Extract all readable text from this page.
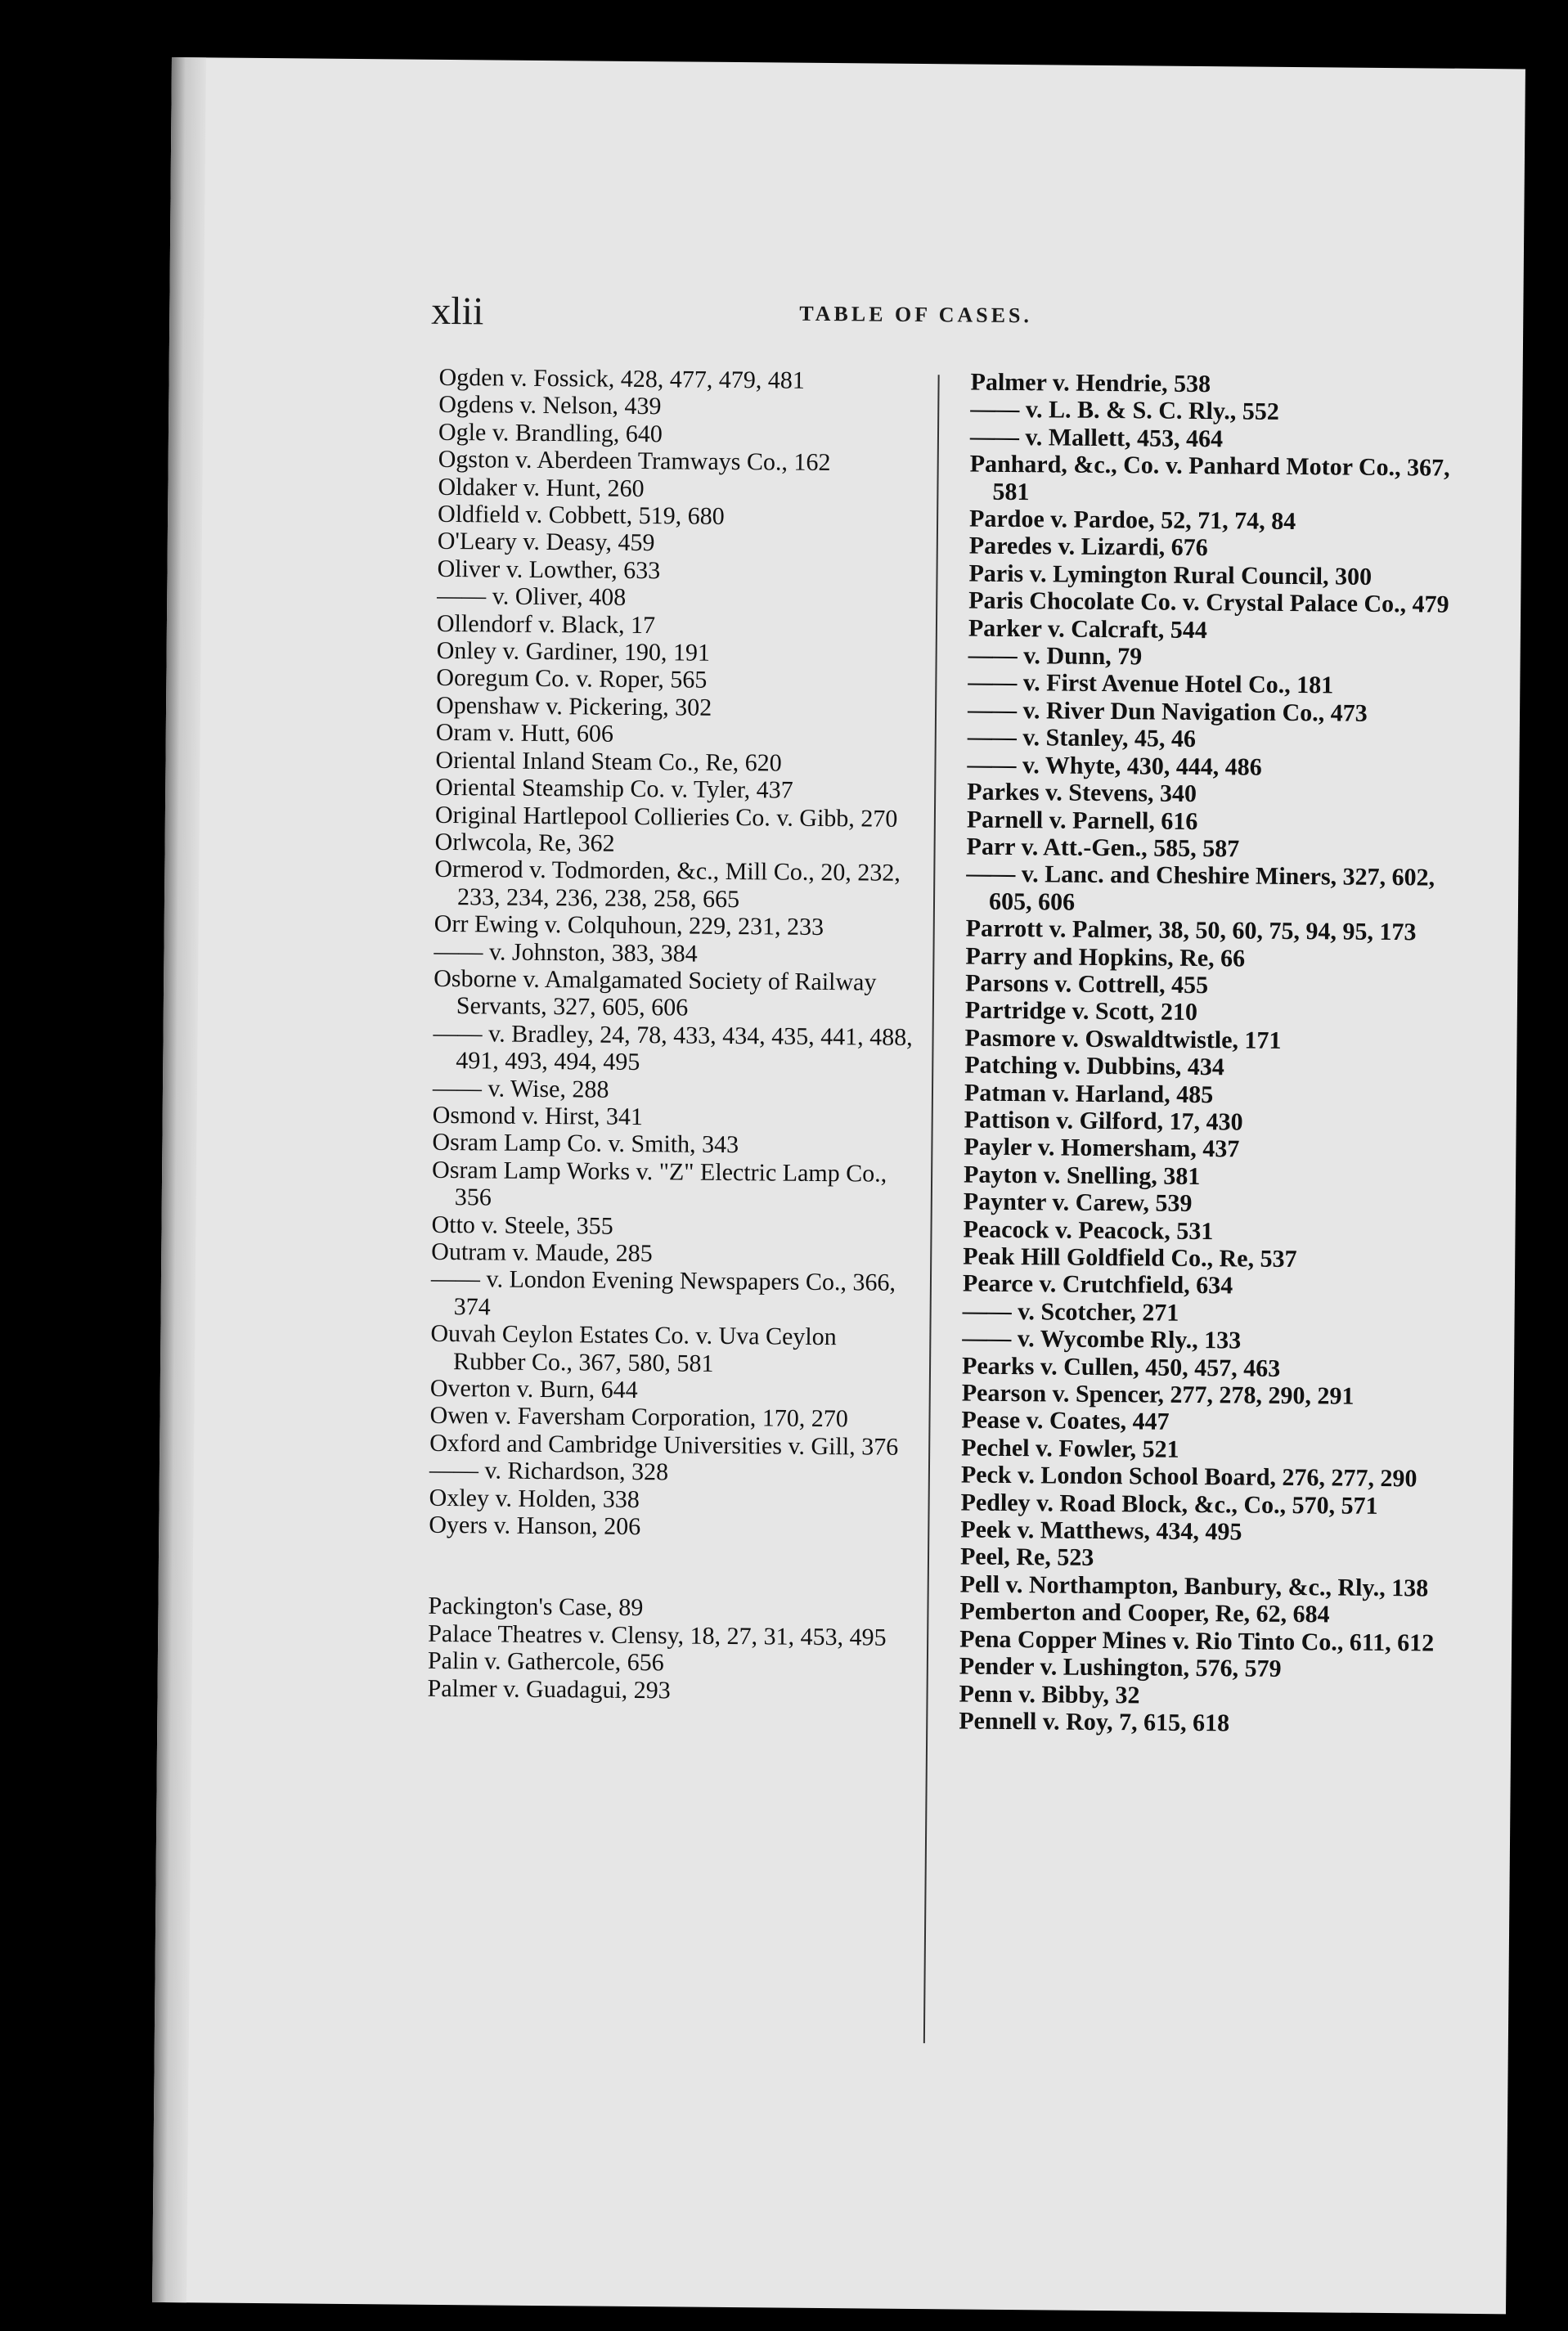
xlii	TABLE OF CASES.

Ogden v. Fossick, 428, 477, 479, 481

Ogdens v. Nelson, 439

Ogle v. Brandling, 640

Ogston v. Aberdeen Tramways Co., 162

Oldaker v. Hunt, 260

Oldfield v. Cobbett, 519, 680

O'Leary v. Deasy, 459

Oliver v. Lowther, 633

—— v. Oliver, 408

Ollendorf v. Black, 17

Onley v. Gardiner, 190, 191

Ooregum Co. v. Roper, 565

Openshaw v. Pickering, 302

Oram v. Hutt, 606

Oriental Inland Steam Co., Re, 620

Oriental Steamship Co. v. Tyler, 437

Original Hartlepool Collieries Co. v. Gibb, 270

Orlwcola, Re, 362

Ormerod v. Todmorden, &c., Mill Co., 20, 232, 233, 234, 236, 238, 258, 665

Orr Ewing v. Colquhoun, 229, 231, 233

—— v. Johnston, 383, 384

Osborne v. Amalgamated Society of Railway Servants, 327, 605, 606

—— v. Bradley, 24, 78, 433, 434, 435, 441, 488, 491, 493, 494, 495

—— v. Wise, 288

Osmond v. Hirst, 341

Osram Lamp Co. v. Smith, 343

Osram Lamp Works v. "Z" Electric Lamp Co., 356

Otto v. Steele, 355

Outram v. Maude, 285

—— v. London Evening Newspapers Co., 366, 374

Ouvah Ceylon Estates Co. v. Uva Ceylon Rubber Co., 367, 580, 581

Overton v. Burn, 644

Owen v. Faversham Corporation, 170, 270

Oxford and Cambridge Universities v. Gill, 376

—— v. Richardson, 328

Oxley v. Holden, 338

Oyers v. Hanson, 206

Packington's Case, 89

Palace Theatres v. Clensy, 18, 27, 31, 453, 495

Palin v. Gathercole, 656

Palmer v. Guadagui, 293

Palmer v. Hendrie, 538

—— v. L. B. & S. C. Rly., 552

—— v. Mallett, 453, 464

Panhard, &c., Co. v. Panhard Motor Co., 367, 581

Pardoe v. Pardoe, 52, 71, 74, 84

Paredes v. Lizardi, 676

Paris v. Lymington Rural Council, 300

Paris Chocolate Co. v. Crystal Palace Co., 479

Parker v. Calcraft, 544

—— v. Dunn, 79

—— v. First Avenue Hotel Co., 181

—— v. River Dun Navigation Co., 473

—— v. Stanley, 45, 46

—— v. Whyte, 430, 444, 486

Parkes v. Stevens, 340

Parnell v. Parnell, 616

Parr v. Att.-Gen., 585, 587

—— v. Lanc. and Cheshire Miners, 327, 602, 605, 606

Parrott v. Palmer, 38, 50, 60, 75, 94, 95, 173

Parry and Hopkins, Re, 66

Parsons v. Cottrell, 455

Partridge v. Scott, 210

Pasmore v. Oswaldtwistle, 171

Patching v. Dubbins, 434

Patman v. Harland, 485

Pattison v. Gilford, 17, 430

Payler v. Homersham, 437

Payton v. Snelling, 381

Paynter v. Carew, 539

Peacock v. Peacock, 531

Peak Hill Goldfield Co., Re, 537

Pearce v. Crutchfield, 634

—— v. Scotcher, 271

—— v. Wycombe Rly., 133

Pearks v. Cullen, 450, 457, 463

Pearson v. Spencer, 277, 278, 290, 291

Pease v. Coates, 447

Pechel v. Fowler, 521

Peck v. London School Board, 276, 277, 290

Pedley v. Road Block, &c., Co., 570, 571

Peek v. Matthews, 434, 495

Peel, Re, 523

Pell v. Northampton, Banbury, &c., Rly., 138

Pemberton and Cooper, Re, 62, 684

Pena Copper Mines v. Rio Tinto Co., 611, 612

Pender v. Lushington, 576, 579

Penn v. Bibby, 32

Pennell v. Roy, 7, 615, 618
